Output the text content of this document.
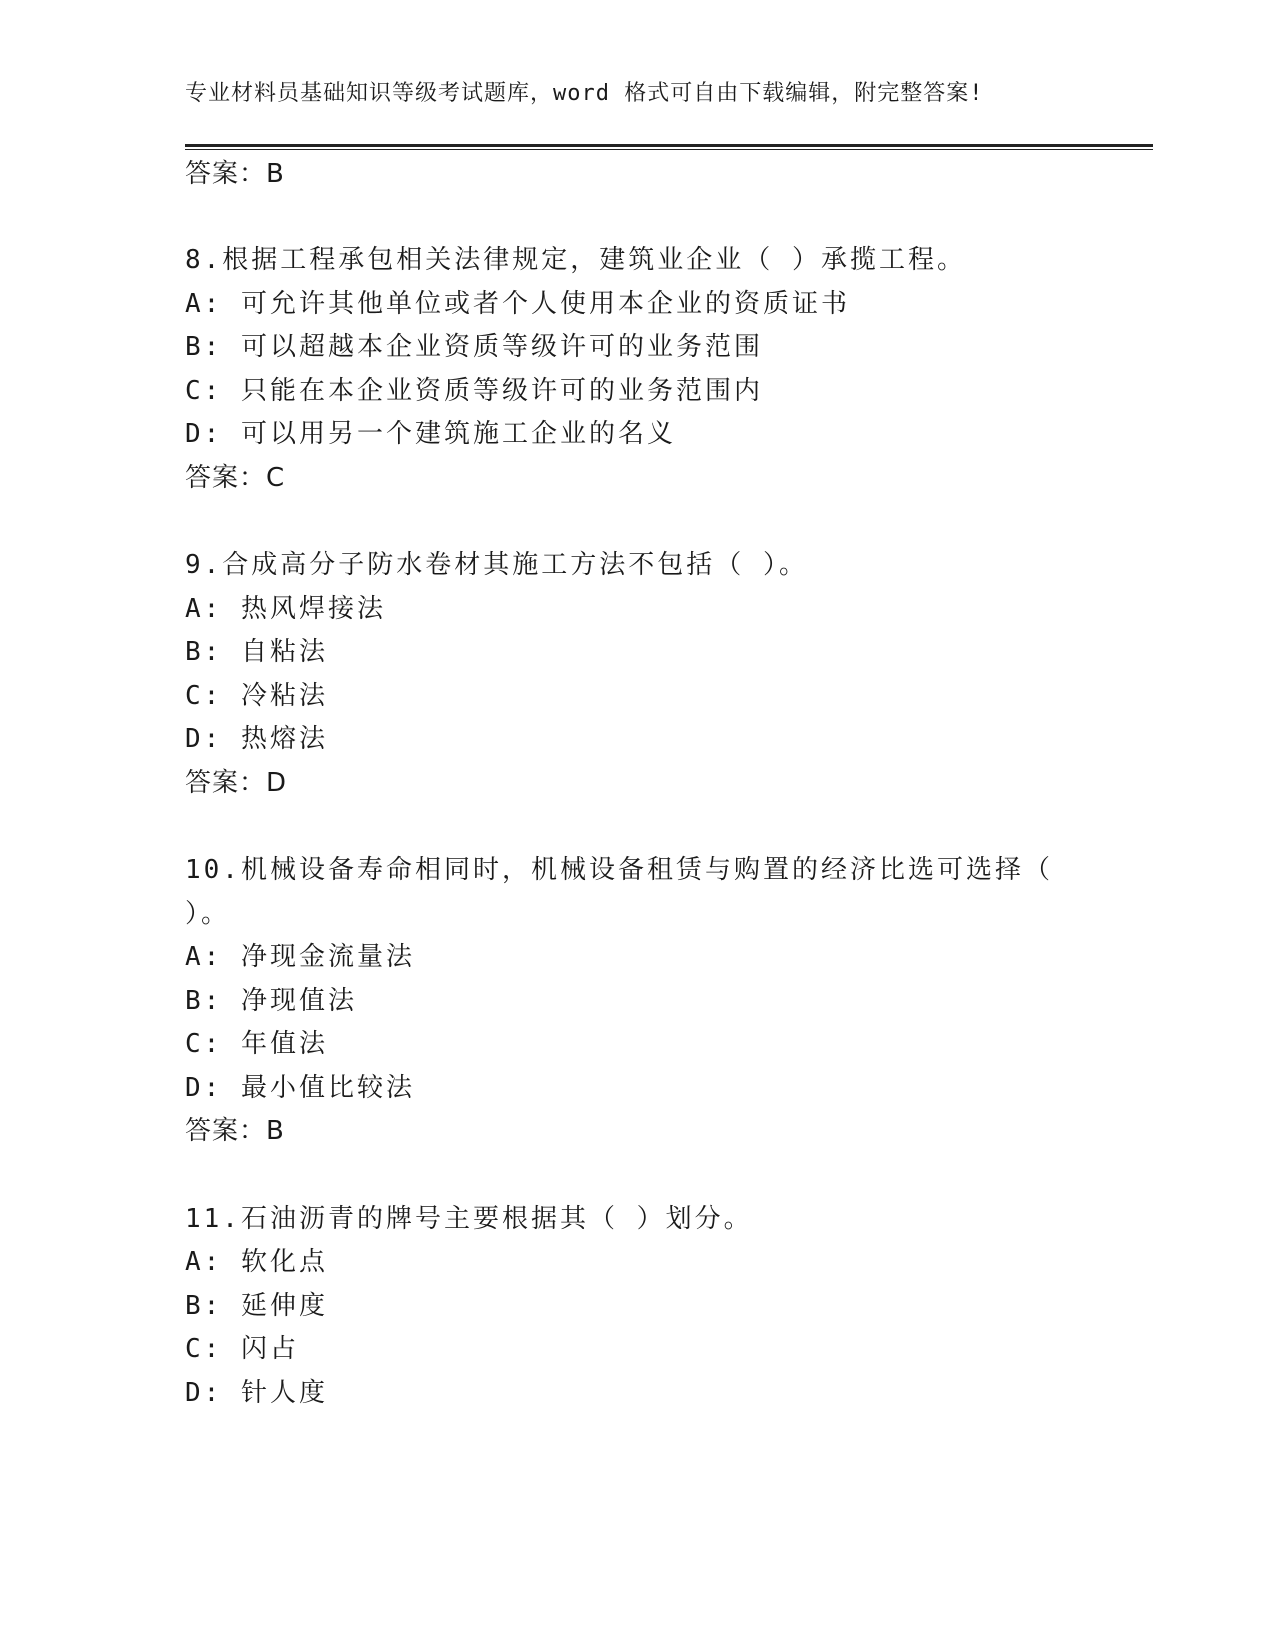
专业材料员基础知识等级考试题库，word 格式可自由下载编辑，附完整答案!
答案：B
8.根据工程承包相关法律规定，建筑业企业（ ）承揽工程。
A: 可允许其他单位或者个人使用本企业的资质证书
B: 可以超越本企业资质等级许可的业务范围
C: 只能在本企业资质等级许可的业务范围内
D: 可以用另一个建筑施工企业的名义
答案：C
9.合成高分子防水卷材其施工方法不包括（ ）。
A: 热风焊接法
B: 自粘法
C: 冷粘法
D: 热熔法
答案：D
10.机械设备寿命相同时，机械设备租赁与购置的经济比选可选择（
）。
A: 净现金流量法
B: 净现值法
C: 年值法
D: 最小值比较法
答案：B
11.石油沥青的牌号主要根据其（ ）划分。
A: 软化点
B: 延伸度
C: 闪占
D: 针人度
